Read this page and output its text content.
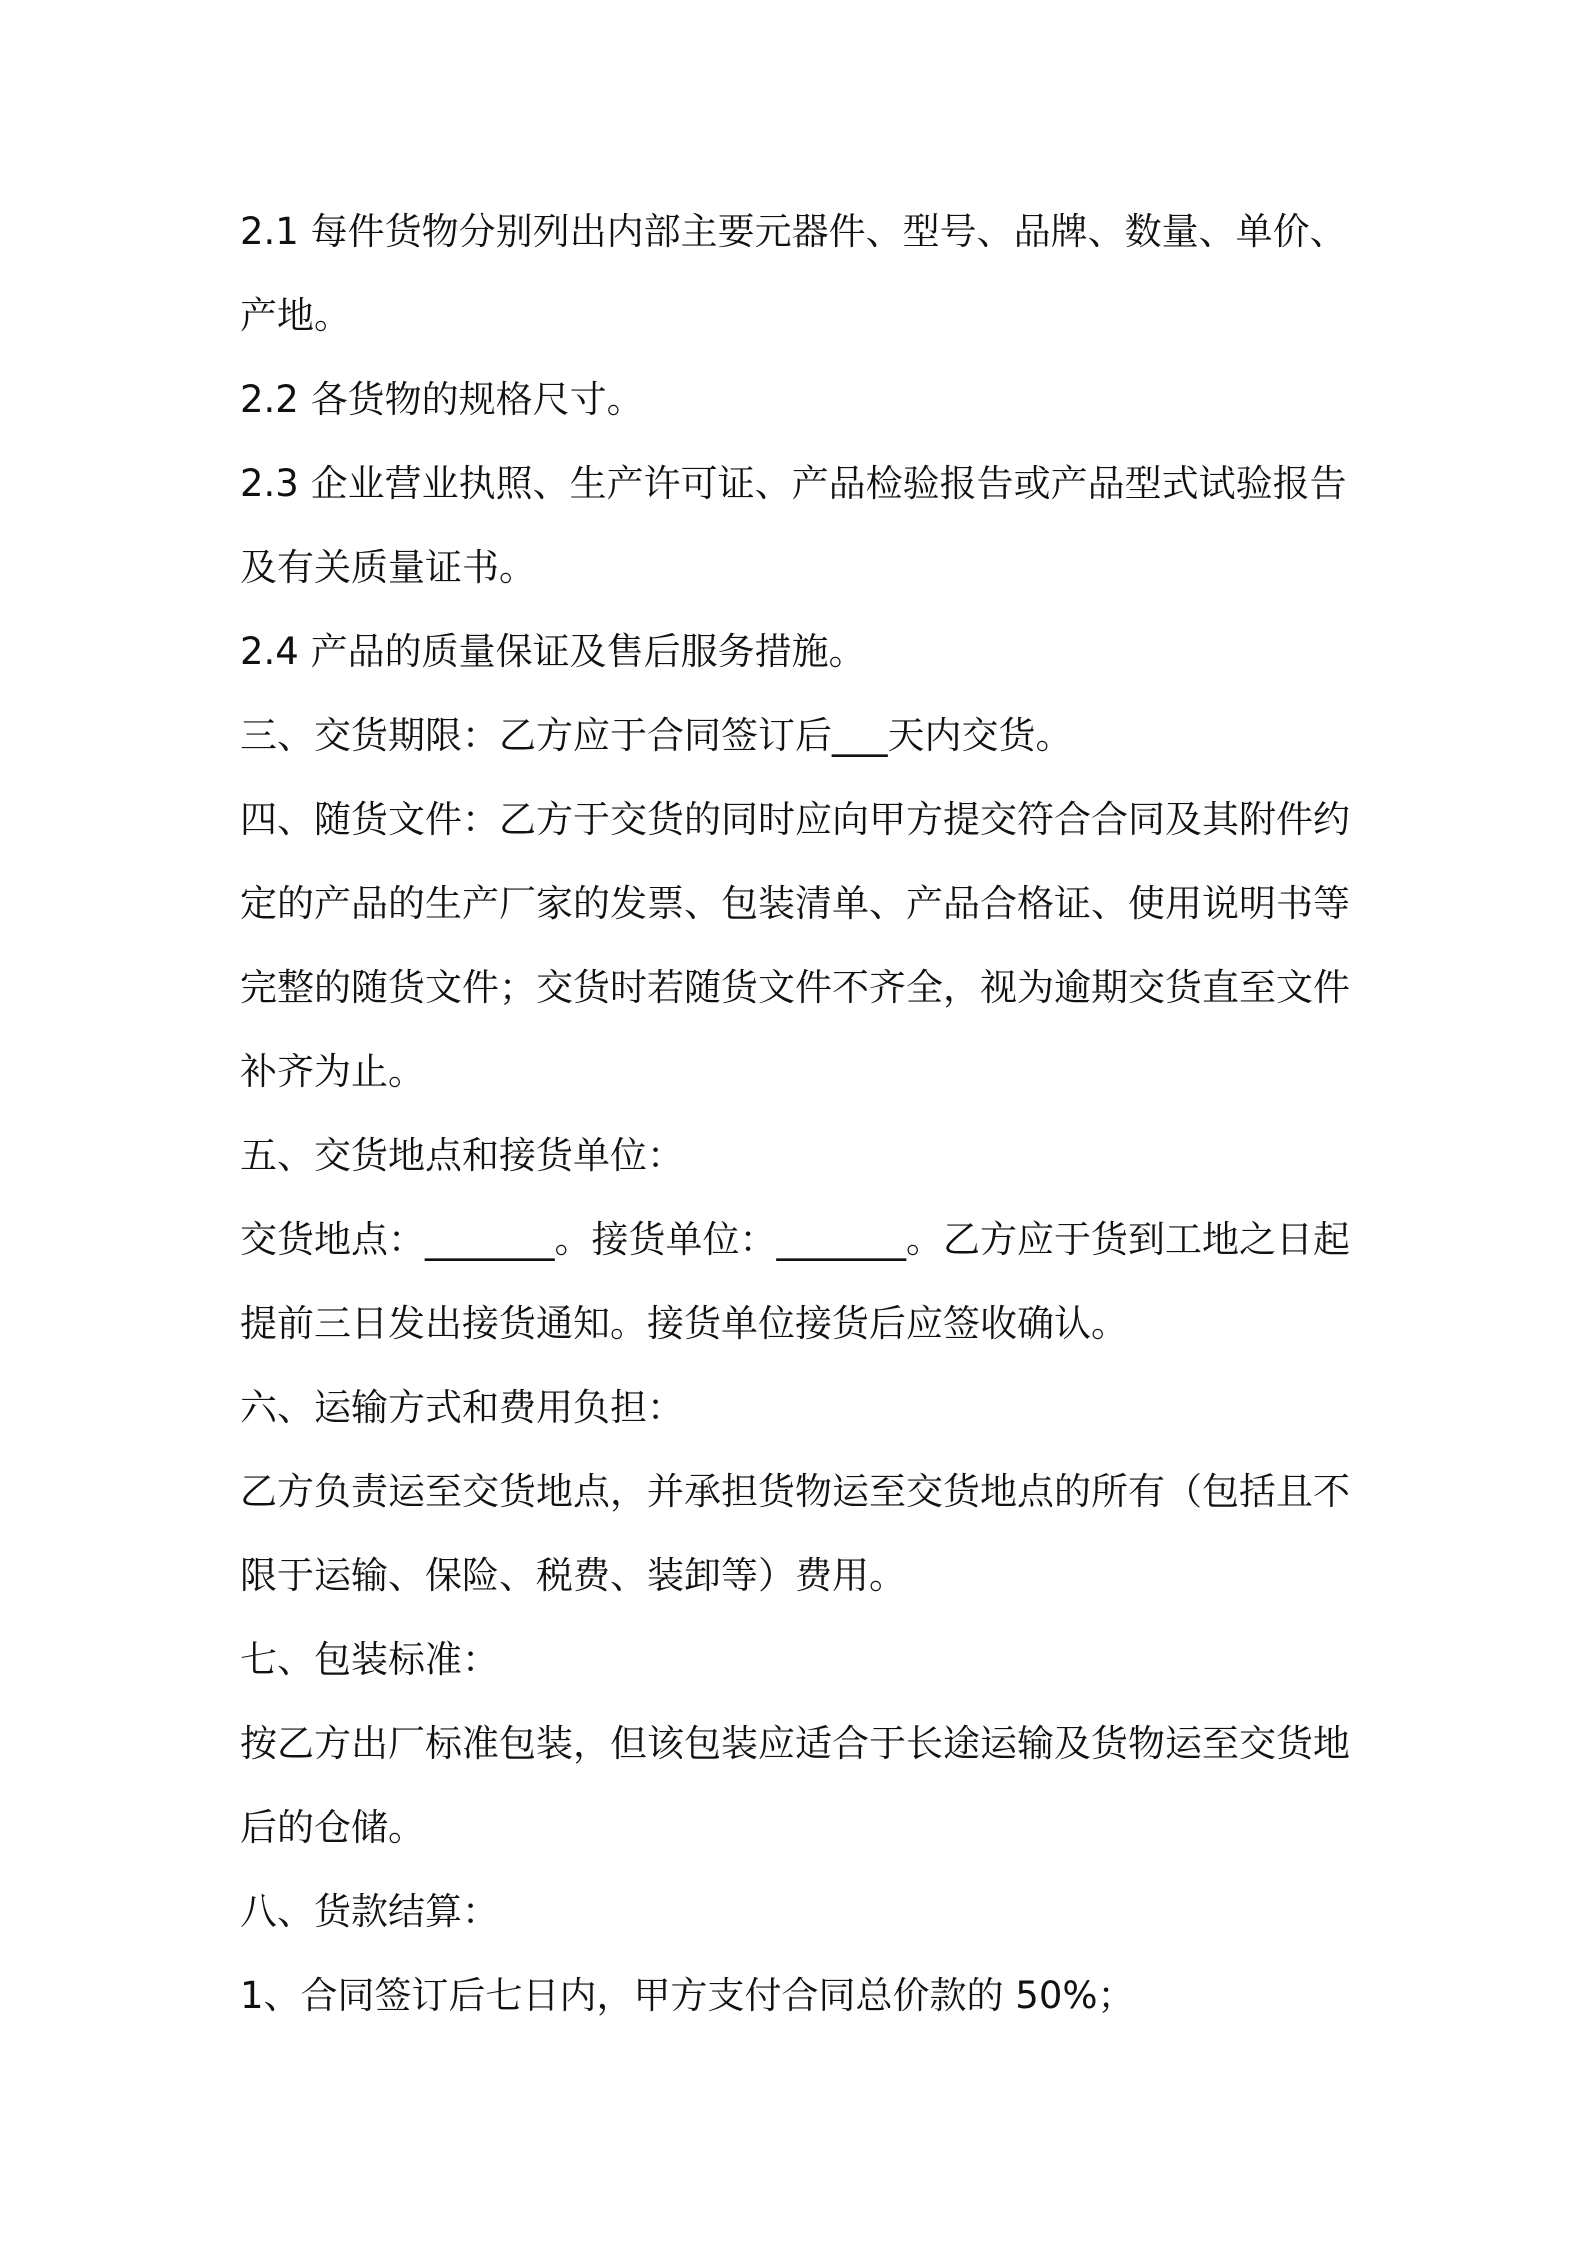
2.1 每件货物分别列出内部主要元器件、型号、品牌、数量、单价、产地。

2.2 各货物的规格尺寸。

2.3 企业营业执照、生产许可证、产品检验报告或产品型式试验报告及有关质量证书。

2.4 产品的质量保证及售后服务措施。

三、交货期限：乙方应于合同签订后___天内交货。

四、随货文件：乙方于交货的同时应向甲方提交符合合同及其附件约定的产品的生产厂家的发票、包装清单、产品合格证、使用说明书等完整的随货文件；交货时若随货文件不齐全，视为逾期交货直至文件补齐为止。

五、交货地点和接货单位：

交货地点：_______。接货单位：_______。乙方应于货到工地之日起提前三日发出接货通知。接货单位接货后应签收确认。

六、运输方式和费用负担：

乙方负责运至交货地点，并承担货物运至交货地点的所有（包括且不限于运输、保险、税费、装卸等）费用。

七、包装标准：

按乙方出厂标准包装，但该包装应适合于长途运输及货物运至交货地后的仓储。

八、货款结算：

1、合同签订后七日内，甲方支付合同总价款的 50%；
